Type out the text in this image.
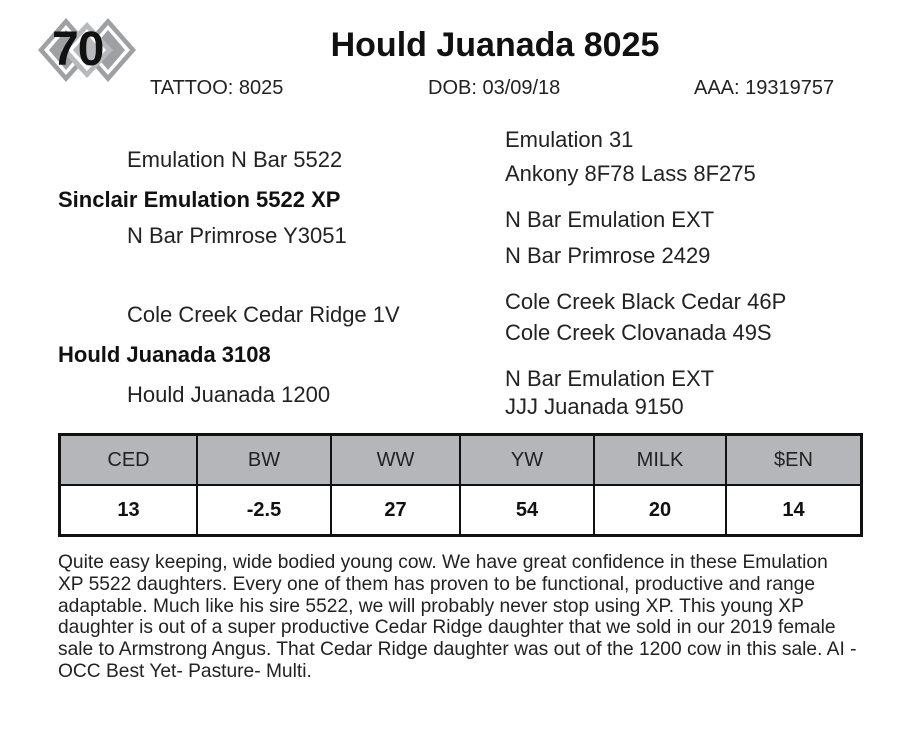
70	Hould Juanada 8025
TATTOO: 8025	DOB: 03/09/18	AAA: 19319757
Emulation N Bar 5522
Sinclair Emulation 5522 XP
N Bar Primrose Y3051
Emulation 31
Ankony 8F78 Lass 8F275
N Bar Emulation EXT
N Bar Primrose 2429
Cole Creek Cedar Ridge 1V
Hould Juanada 3108
Hould Juanada 1200
Cole Creek Black Cedar 46P
Cole Creek Clovanada 49S
N Bar Emulation EXT
JJJ Juanada 9150
CED	BW	WW	YW	MILK	$EN
13	-2.5	27	54	20	14
Quite easy keeping, wide bodied young cow. We have great confidence in these Emulation XP 5522 daughters. Every one of them has proven to be functional, productive and range adaptable. Much like his sire 5522, we will probably never stop using XP. This young XP daughter is out of a super productive Cedar Ridge daughter that we sold in our 2019 female sale to Armstrong Angus. That Cedar Ridge daughter was out of the 1200 cow in this sale. AI - OCC Best Yet- Pasture- Multi.
